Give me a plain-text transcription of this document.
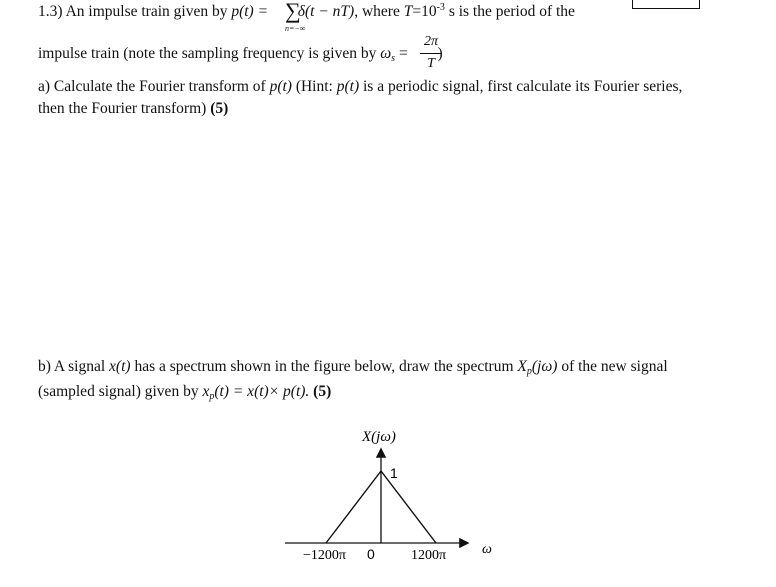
1.3) An impulse train given by p(t) = δ(t − nT), where $T=10^{-3}$ s is the period of the
∑
n=−∞
impulse train (note the sampling frequency is given by ωs =
2π
T
a) Calculate the Fourier transform of p(t) (Hint: p(t) is a periodic signal, first calculate its Fourier series,
then the Fourier transform) (5)
b) A signal x(t) has a spectrum shown in the figure below, draw the spectrum Xp(jω) of the new signal
(sampled signal) given by xp(t) = x(t)× p(t). (5)
X(jω)
1
0
−1200π	1200π	ω
